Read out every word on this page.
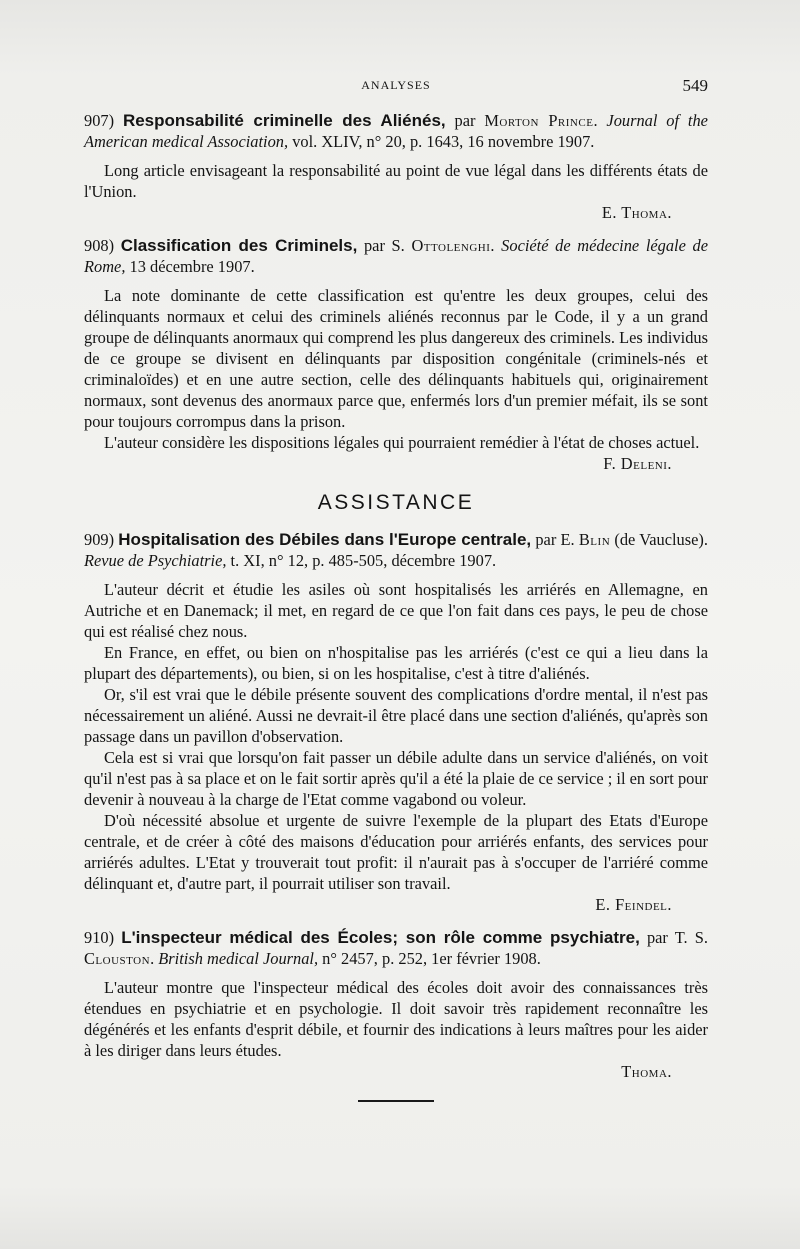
ANALYSES	549

907) Responsabilité criminelle des Aliénés, par Morton Prince. Journal of the American medical Association, vol. XLIV, n° 20, p. 1643, 16 novembre 1907.

Long article envisageant la responsabilité au point de vue légal dans les différents états de l'Union.

E. Thoma.

908) Classification des Criminels, par S. Ottolenghi. Société de médecine légale de Rome, 13 décembre 1907.

La note dominante de cette classification est qu'entre les deux groupes, celui des délinquants normaux et celui des criminels aliénés reconnus par le Code, il y a un grand groupe de délinquants anormaux qui comprend les plus dangereux des criminels. Les individus de ce groupe se divisent en délinquants par disposition congénitale (criminels-nés et criminaloïdes) et en une autre section, celle des délinquants habituels qui, originairement normaux, sont devenus des anormaux parce que, enfermés lors d'un premier méfait, ils se sont pour toujours corrompus dans la prison.

L'auteur considère les dispositions légales qui pourraient remédier à l'état de choses actuel.
F. Deleni.

ASSISTANCE

909) Hospitalisation des Débiles dans l'Europe centrale, par E. Blin (de Vaucluse). Revue de Psychiatrie, t. XI, n° 12, p. 485-505, décembre 1907.

L'auteur décrit et étudie les asiles où sont hospitalisés les arriérés en Allemagne, en Autriche et en Danemack; il met, en regard de ce que l'on fait dans ces pays, le peu de chose qui est réalisé chez nous.

En France, en effet, ou bien on n'hospitalise pas les arriérés (c'est ce qui a lieu dans la plupart des départements), ou bien, si on les hospitalise, c'est à titre d'aliénés.

Or, s'il est vrai que le débile présente souvent des complications d'ordre mental, il n'est pas nécessairement un aliéné. Aussi ne devrait-il être placé dans une section d'aliénés, qu'après son passage dans un pavillon d'observation.

Cela est si vrai que lorsqu'on fait passer un débile adulte dans un service d'aliénés, on voit qu'il n'est pas à sa place et on le fait sortir après qu'il a été la plaie de ce service ; il en sort pour devenir à nouveau à la charge de l'Etat comme vagabond ou voleur.

D'où nécessité absolue et urgente de suivre l'exemple de la plupart des Etats d'Europe centrale, et de créer à côté des maisons d'éducation pour arriérés enfants, des services pour arriérés adultes. L'Etat y trouverait tout profit: il n'aurait pas à s'occuper de l'arriéré comme délinquant et, d'autre part, il pourrait utiliser son travail.

E. Feindel.

910) L'inspecteur médical des Écoles; son rôle comme psychiatre, par T. S. Clouston. British medical Journal, n° 2457, p. 252, 1er février 1908.

L'auteur montre que l'inspecteur médical des écoles doit avoir des connaissances très étendues en psychiatrie et en psychologie. Il doit savoir très rapidement reconnaître les dégénérés et les enfants d'esprit débile, et fournir des indications à leurs maîtres pour les aider à les diriger dans leurs études.

Thoma.
